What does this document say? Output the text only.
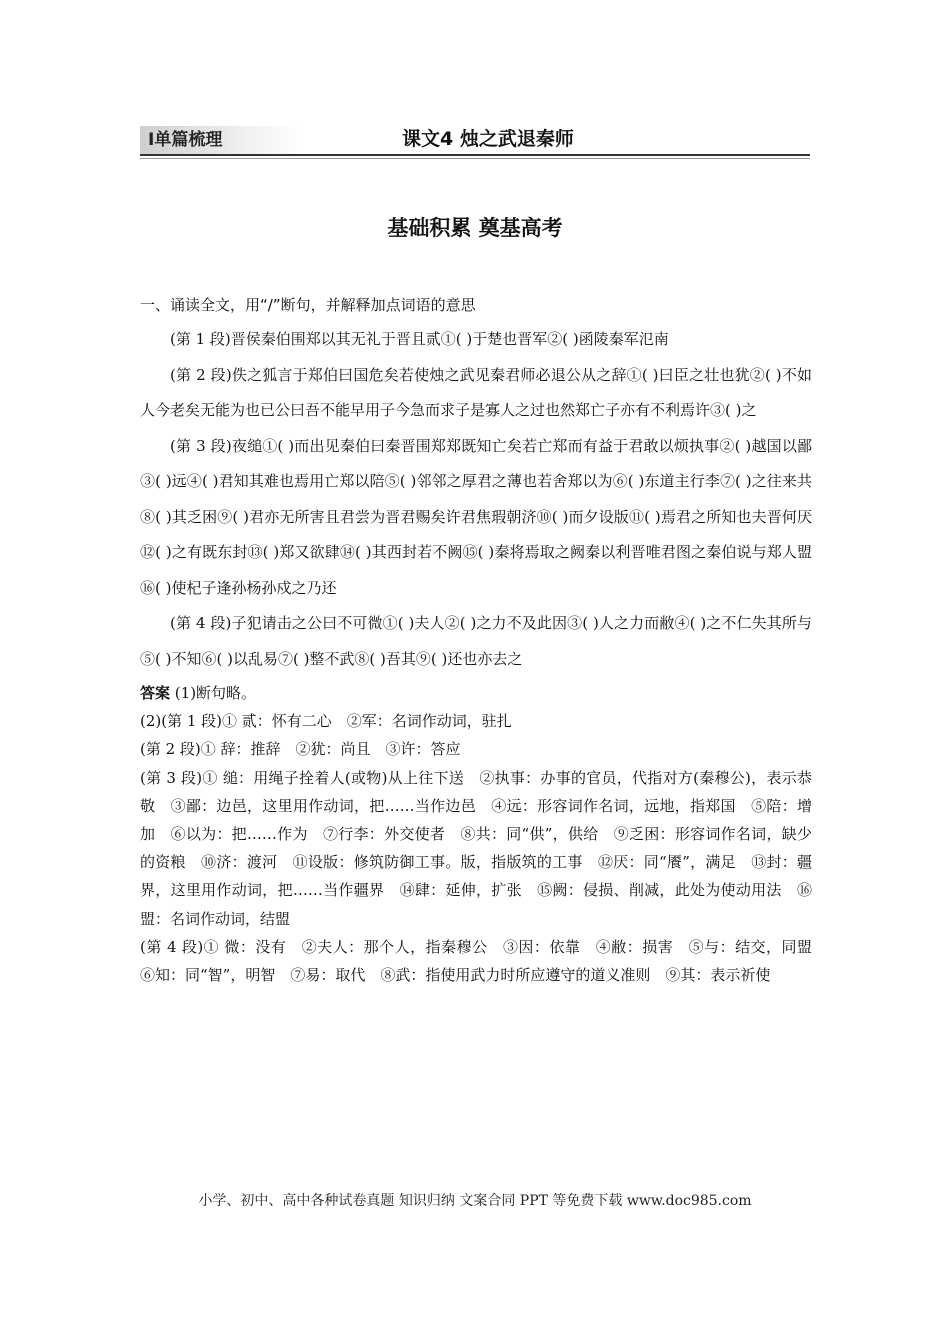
Ⅰ单篇梳理	课文4 烛之武退秦师
基础积累 奠基高考
一、诵读全文，用“/”断句，并解释加点词语的意思

(第 1 段)晋侯秦伯围郑以其无礼于晋且贰①( )于楚也晋军②( )函陵秦军氾南

(第 2 段)佚之狐言于郑伯曰国危矣若使烛之武见秦君师必退公从之辞①( )曰臣之壮也犹②( )不如人今老矣无能为也已公曰吾不能早用子今急而求子是寡人之过也然郑亡子亦有不利焉许③( )之

(第 3 段)夜缒①( )而出见秦伯曰秦晋围郑郑既知亡矣若亡郑而有益于君敢以烦执事②( )越国以鄙③( )远④( )君知其难也焉用亡郑以陪⑤( )邻邻之厚君之薄也若舍郑以为⑥( )东道主行李⑦( )之往来共⑧( )其乏困⑨( )君亦无所害且君尝为晋君赐矣许君焦瑕朝济⑩( )而夕设版⑪( )焉君之所知也夫晋何厌⑫( )之有既东封⑬( )郑又欲肆⑭( )其西封若不阙⑮( )秦将焉取之阙秦以利晋唯君图之秦伯说与郑人盟⑯( )使杞子逢孙杨孙戍之乃还

(第 4 段)子犯请击之公曰不可微①( )夫人②( )之力不及此因③( )人之力而敝④( )之不仁失其所与⑤( )不知⑥( )以乱易⑦( )整不武⑧( )吾其⑨( )还也亦去之

答案 (1)断句略。

(2)(第 1 段)① 贰：怀有二心　②军：名词作动词，驻扎

(第 2 段)① 辞：推辞　②犹：尚且　③许：答应

(第 3 段)① 缒：用绳子拴着人(或物)从上往下送　②执事：办事的官员，代指对方(秦穆公)，表示恭敬　③鄙：边邑，这里用作动词，把……当作边邑　④远：形容词作名词，远地，指郑国　⑤陪：增加　⑥以为：把……作为　⑦行李：外交使者　⑧共：同“供”，供给　⑨乏困：形容词作名词，缺少的资粮　⑩济：渡河　⑪设版：修筑防御工事。版，指版筑的工事　⑫厌：同“餍”，满足　⑬封：疆界，这里用作动词，把……当作疆界　⑭肆：延伸，扩张　⑮阙：侵损、削减，此处为使动用法　⑯盟：名词作动词，结盟

(第 4 段)① 微：没有　②夫人：那个人，指秦穆公　③因：依靠　④敝：损害　⑤与：结交，同盟　⑥知：同“智”，明智　⑦易：取代　⑧武：指使用武力时所应遵守的道义准则　⑨其：表示祈使

小学、初中、高中各种试卷真题 知识归纳 文案合同 PPT 等免费下载 www.doc985.com
